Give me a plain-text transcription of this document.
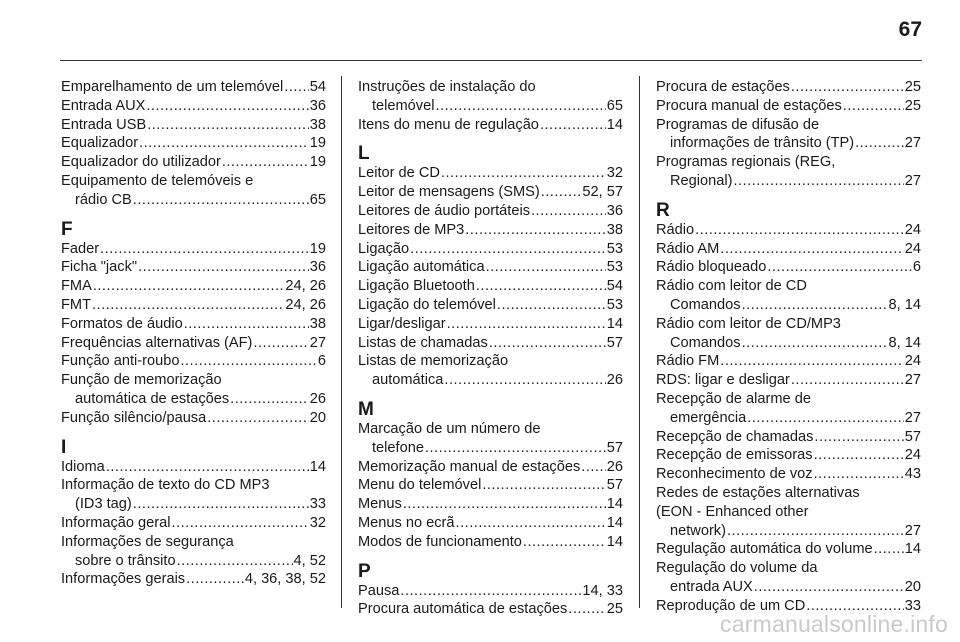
67
Emparelhamento de um telemóvel ..... 54
Entrada AUX .....	36
Entrada USB .....	38
Equalizador .....	19
Equalizador do utilizador .....	19
Equipamento de telemóveis e
rádio CB .....	65
F
Fader .....	19
Ficha "jack" .....	36
FMA .....	24, 26
FMT .....	24, 26
Formatos de áudio .....	38
Frequências alternativas (AF) .....	27
Função anti-roubo .....	6
Função de memorização
automática de estações .....	26
Função silêncio/pausa .....	20
I
Idioma .....	14
Informação de texto do CD MP3
(ID3 tag) .....	33
Informação geral .....	32
Informações de segurança
sobre o trânsito .....	4, 52
Informações gerais .....	4, 36, 38, 52
Instruções de instalação do
telemóvel .....	65
Itens do menu de regulação .....	14
L
Leitor de CD .....	32
Leitor de mensagens (SMS) .....	52, 57
Leitores de áudio portáteis .....	36
Leitores de MP3 .....	38
Ligação .....	53
Ligação automática .....	53
Ligação Bluetooth .....	54
Ligação do telemóvel .....	53
Ligar/desligar .....	14
Listas de chamadas .....	57
Listas de memorização
automática .....	26
M
Marcação de um número de
telefone .....	57
Memorização manual de estações ..... 26
Menu do telemóvel .....	57
Menus .....	14
Menus no ecrã .....	14
Modos de funcionamento .....	14
P
Pausa .....	14, 33
Procura automática de estações .....	25
Procura de estações .....	25
Procura manual de estações .....	25
Programas de difusão de
informações de trânsito (TP) .....	27
Programas regionais (REG,
Regional) .....	27
R
Rádio .....	24
Rádio AM .....	24
Rádio bloqueado .....	6
Rádio com leitor de CD
Comandos .....	8, 14
Rádio com leitor de CD/MP3
Comandos .....	8, 14
Rádio FM .....	24
RDS: ligar e desligar .....	27
Recepção de alarme de
emergência .....	27
Recepção de chamadas .....	57
Recepção de emissoras .....	24
Reconhecimento de voz .....	43
Redes de estações alternativas
(EON - Enhanced other
network) .....	27
Regulação automática do volume ..... 14
Regulação do volume da
entrada AUX .....	20
Reprodução de um CD .....	33
carmanualsonline.info
